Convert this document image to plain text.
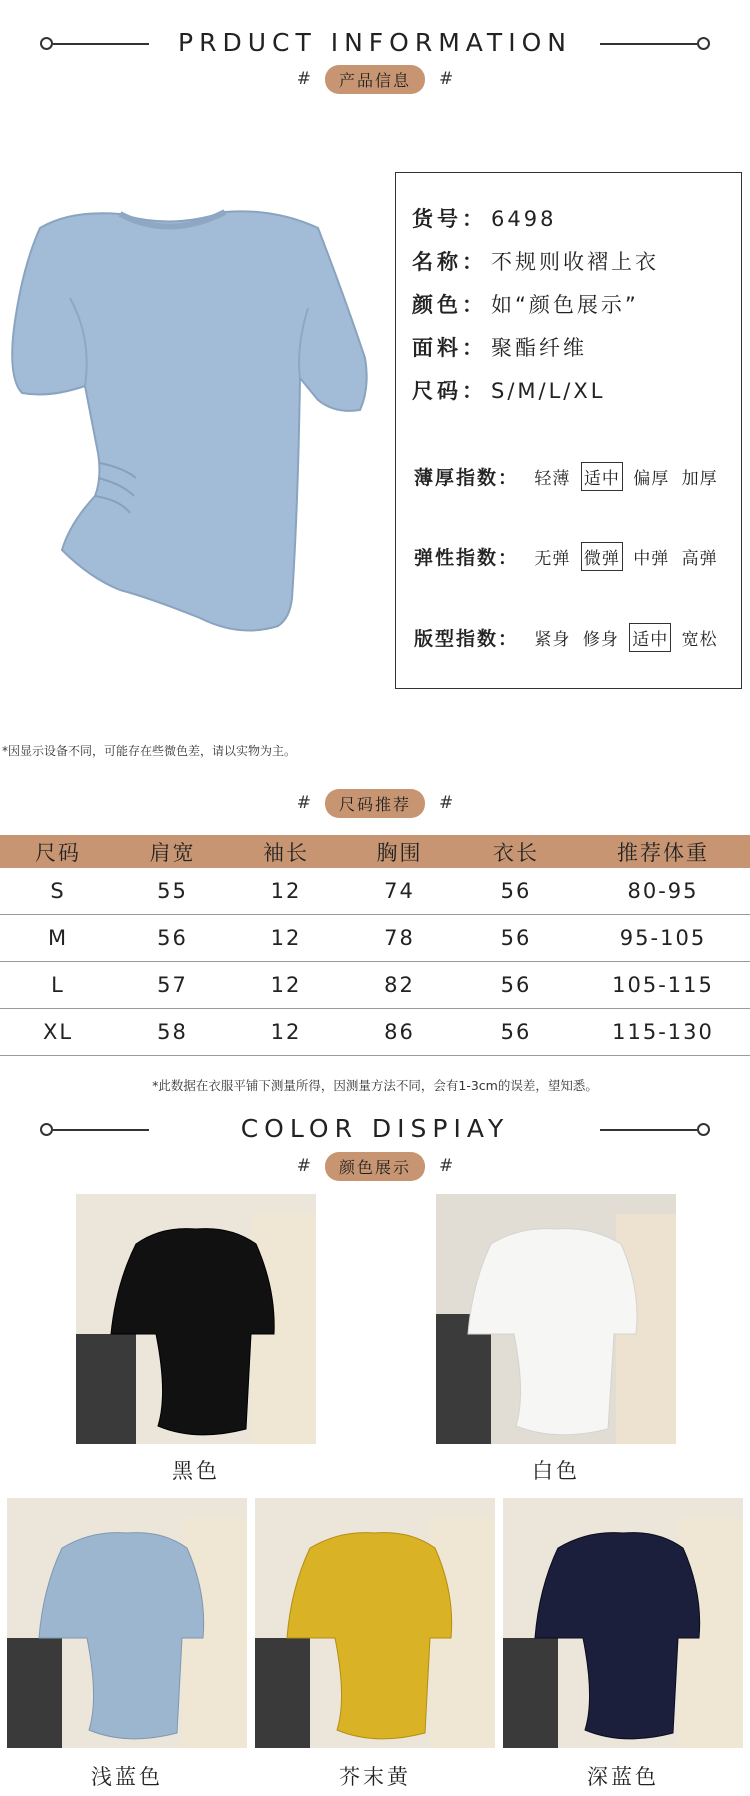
PRDUCT INFORMATION
#	产品信息	#
货号： 6498
名称： 不规则收褶上衣
颜色： 如“颜色展示”
面料： 聚酯纤维
尺码： S/M/L/XL
薄厚指数： 轻薄 适中 偏厚 加厚
弹性指数： 无弹 微弹 中弹 高弹
版型指数： 紧身 修身 适中 宽松
*因显示设备不同，可能存在些微色差，请以实物为主。
#	尺码推荐	#
尺码	肩宽	袖长	胸围	衣长	推荐体重
S	55	12	74	56	80-95
M	56	12	78	56	95-105
L	57	12	82	56	105-115
XL	58	12	86	56	115-130
*此数据在衣服平铺下测量所得，因测量方法不同，会有1-3cm的误差，望知悉。
COLOR DISPIAY
#	颜色展示	#
黑色	白色
浅蓝色	芥末黄	深蓝色
